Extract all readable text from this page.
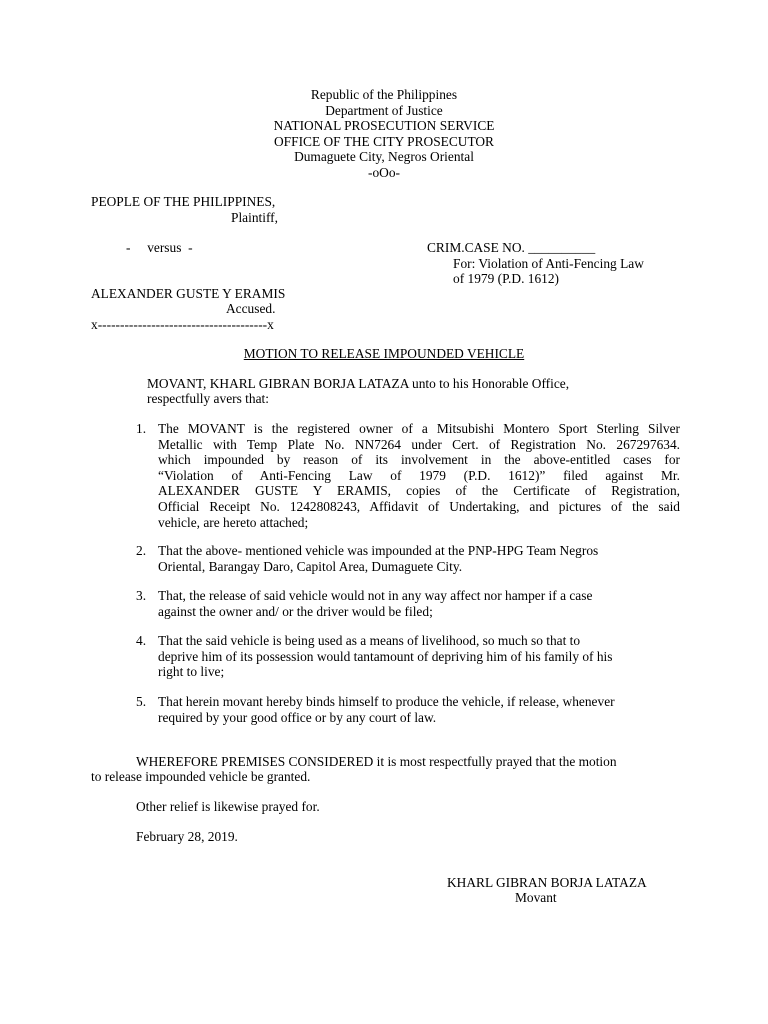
Republic of the Philippines
Department of Justice
NATIONAL PROSECUTION SERVICE
OFFICE OF THE CITY PROSECUTOR
Dumaguete City, Negros Oriental
-oOo-
PEOPLE OF THE PHILIPPINES,
Plaintiff,
-     versus  -	CRIM.CASE NO. __________
For: Violation of Anti-Fencing Law
of 1979 (P.D. 1612)
ALEXANDER GUSTE Y ERAMIS
Accused.
x--------------------------------------x
MOTION TO RELEASE IMPOUNDED VEHICLE
MOVANT, KHARL GIBRAN BORJA LATAZA unto to his Honorable Office,
respectfully avers that:
1. The MOVANT is the registered owner of a Mitsubishi Montero Sport Sterling Silver
Metallic with Temp Plate No. NN7264 under Cert. of Registration No. 267297634.
which impounded by reason of its involvement in the above-entitled cases for
“Violation of Anti-Fencing Law of 1979 (P.D. 1612)” filed against Mr.
ALEXANDER GUSTE Y ERAMIS, copies of the Certificate of Registration,
Official Receipt No. 1242808243, Affidavit of Undertaking, and pictures of the said
vehicle, are hereto attached;
2. That the above- mentioned vehicle was impounded at the PNP-HPG Team Negros
Oriental, Barangay Daro, Capitol Area, Dumaguete City.
3. That, the release of said vehicle would not in any way affect nor hamper if a case
against the owner and/ or the driver would be filed;
4. That the said vehicle is being used as a means of livelihood, so much so that to
deprive him of its possession would tantamount of depriving him of his family of his
right to live;
5. That herein movant hereby binds himself to produce the vehicle, if release, whenever
required by your good office or by any court of law.
WHEREFORE PREMISES CONSIDERED it is most respectfully prayed that the motion
to release impounded vehicle be granted.
Other relief is likewise prayed for.
February 28, 2019.
KHARL GIBRAN BORJA LATAZA
Movant
